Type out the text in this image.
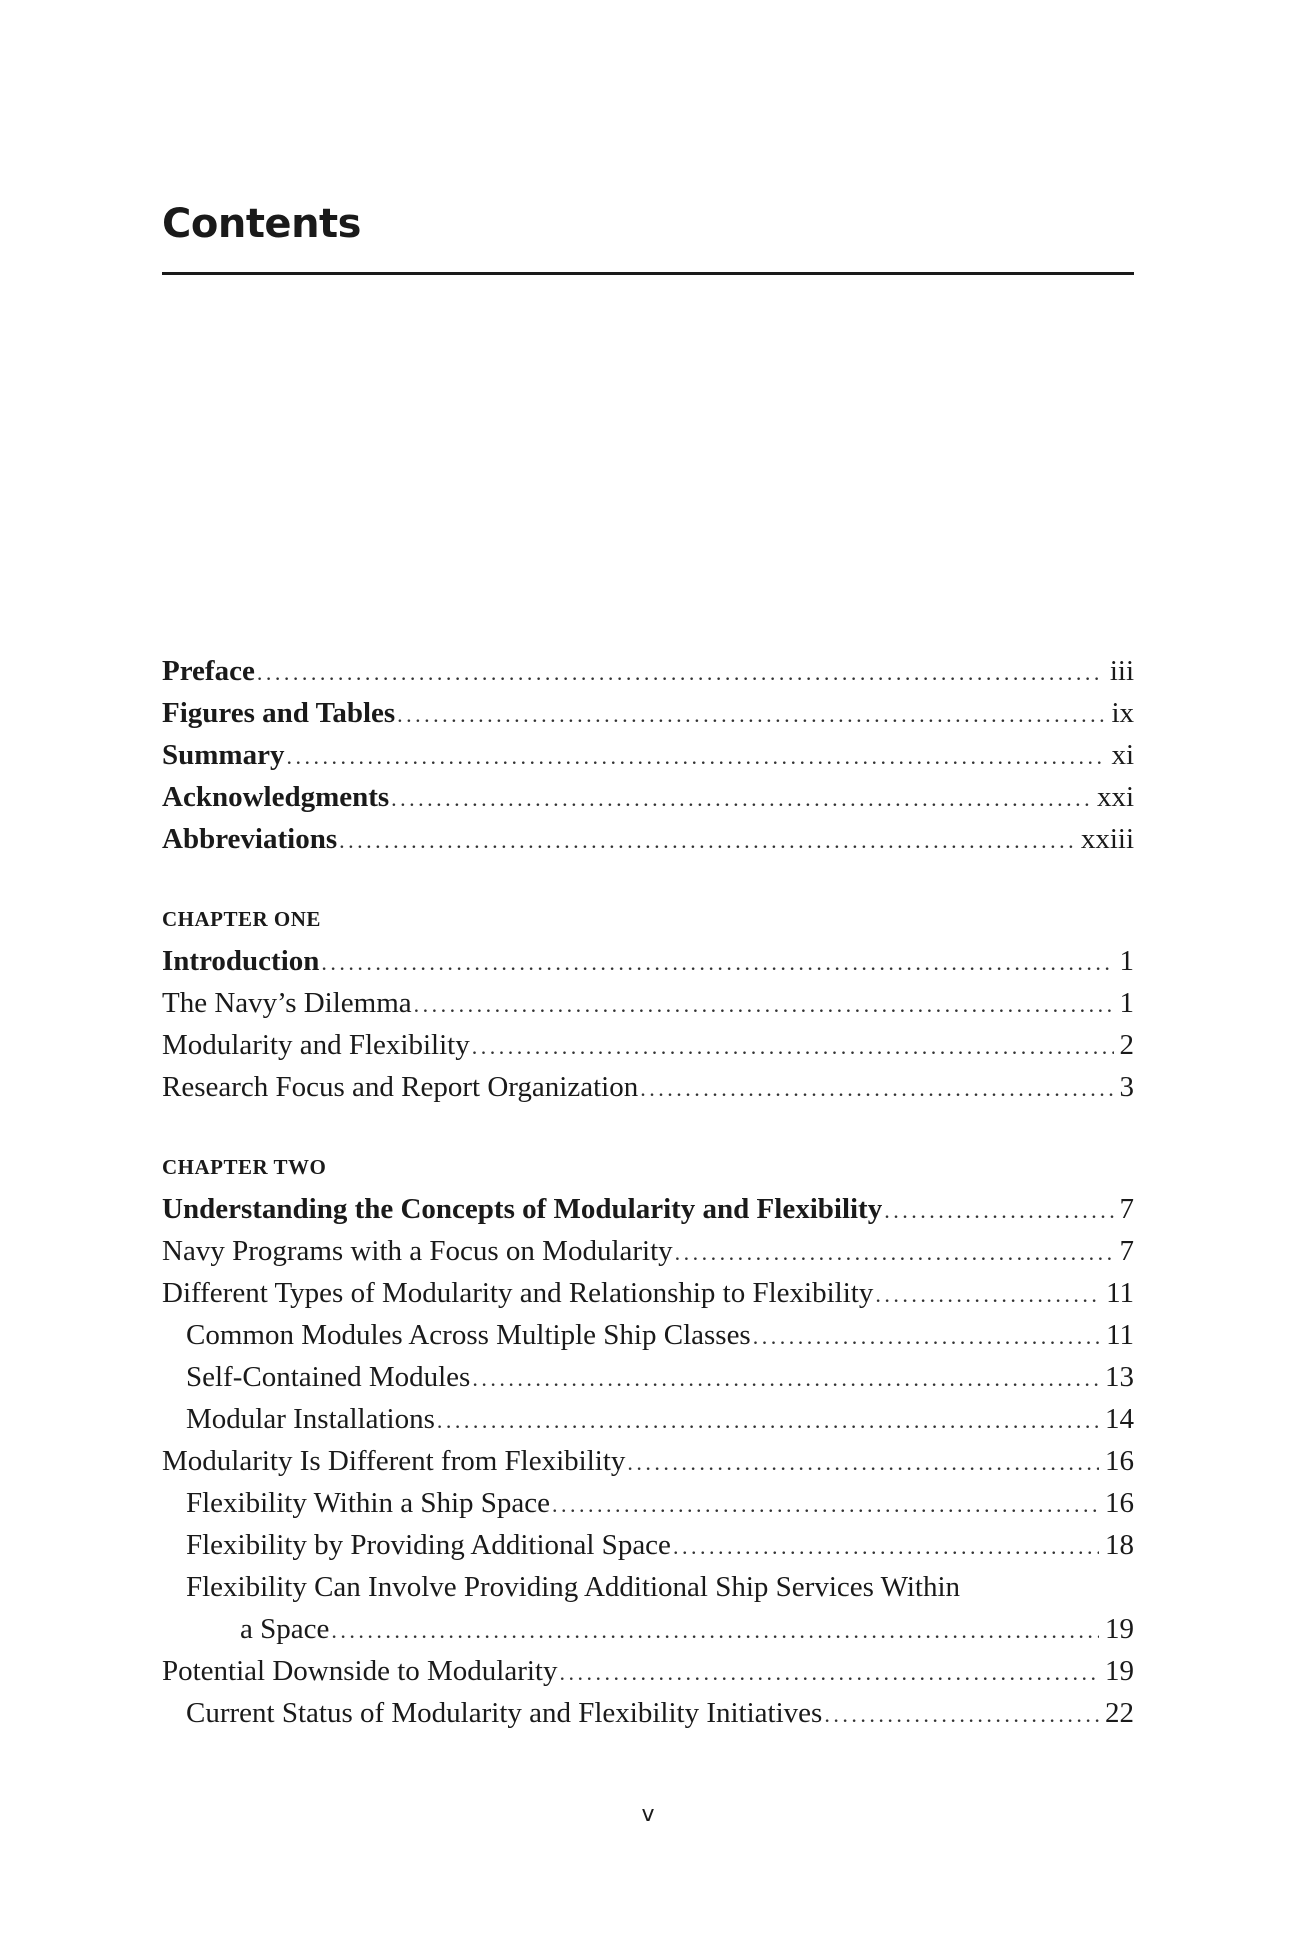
Contents
Preface . . .	iii
Figures and Tables . . .	ix
Summary . . .	xi
Acknowledgments . . .	xxi
Abbreviations . . .	xxiii
CHAPTER ONE
Introduction . . .	1
The Navy’s Dilemma . . .	1
Modularity and Flexibility . . .	2
Research Focus and Report Organization . . .	3
CHAPTER TWO
Understanding the Concepts of Modularity and Flexibility . . .	7
Navy Programs with a Focus on Modularity . . .	7
Different Types of Modularity and Relationship to Flexibility . . .	11
Common Modules Across Multiple Ship Classes . . .	11
Self-Contained Modules . . .	13
Modular Installations . . .	14
Modularity Is Different from Flexibility . . .	16
Flexibility Within a Ship Space . . .	16
Flexibility by Providing Additional Space . . .	18
Flexibility Can Involve Providing Additional Ship Services Within
a Space . . .	19
Potential Downside to Modularity . . .	19
Current Status of Modularity and Flexibility Initiatives . . .	22
v
